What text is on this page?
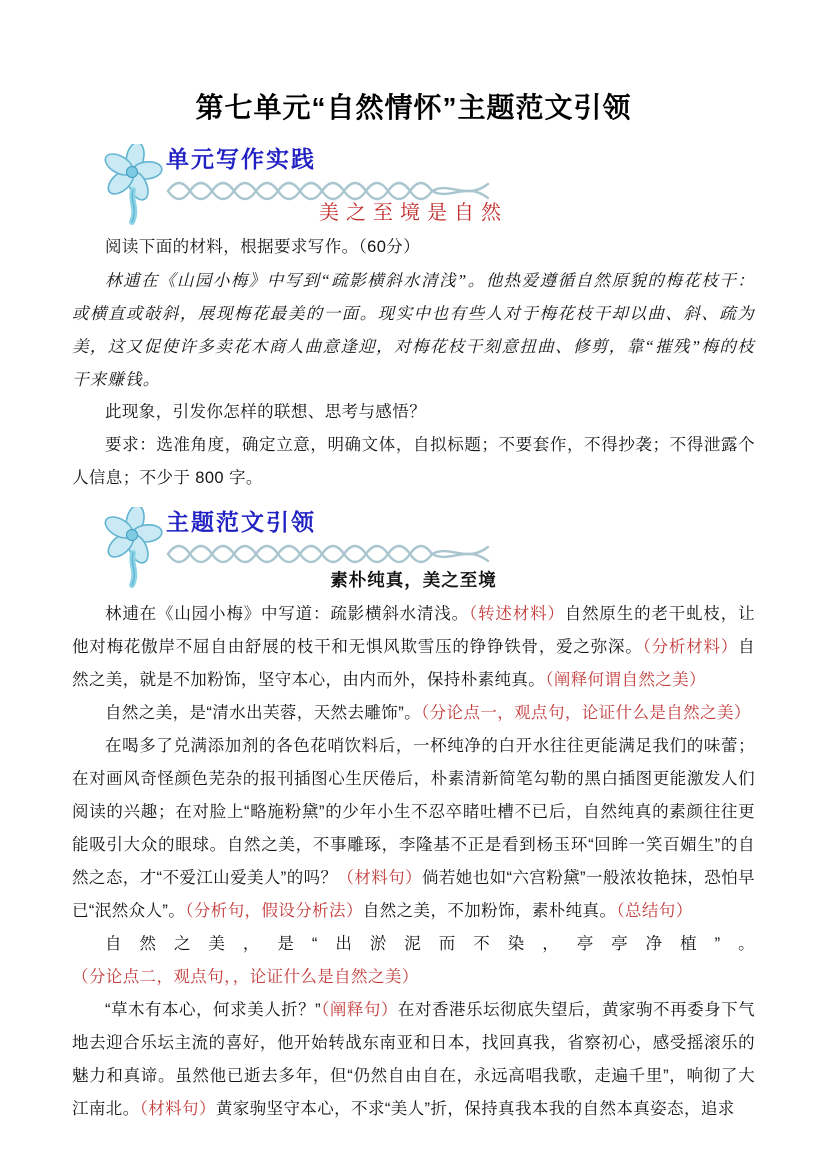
第七单元“自然情怀”主题范文引领
单元写作实践
美之至境是自然

阅读下面的材料，根据要求写作。（60分）

林逋在《山园小梅》中写到“疏影横斜水清浅”。他热爱遵循自然原貌的梅花枝干：或横直或敧斜，展现梅花最美的一面。现实中也有些人对于梅花枝干却以曲、斜、疏为美，这又促使许多卖花木商人曲意逢迎，对梅花枝干刻意扭曲、修剪，靠“摧残”梅的枝干来赚钱。

此现象，引发你怎样的联想、思考与感悟？

要求：选准角度，确定立意，明确文体，自拟标题；不要套作，不得抄袭；不得泄露个人信息；不少于 800 字。

主题范文引领
素朴纯真，美之至境

林逋在《山园小梅》中写道：疏影横斜水清浅。（转述材料）自然原生的老干虬枝，让他对梅花傲岸不屈自由舒展的枝干和无惧风欺雪压的铮铮铁骨，爱之弥深。（分析材料）自然之美，就是不加粉饰，坚守本心，由内而外，保持朴素纯真。（阐释何谓自然之美）

自然之美，是“清水出芙蓉，天然去雕饰”。（分论点一，观点句，论证什么是自然之美）

在喝多了兑满添加剂的各色花哨饮料后，一杯纯净的白开水往往更能满足我们的味蕾；在对画风奇怪颜色芜杂的报刊插图心生厌倦后，朴素清新简笔勾勒的黑白插图更能激发人们阅读的兴趣；在对脸上“略施粉黛”的少年小生不忍卒睹吐槽不已后，自然纯真的素颜往往更能吸引大众的眼球。自然之美，不事雕琢，李隆基不正是看到杨玉环“回眸一笑百媚生”的自然之态，才“不爱江山爱美人”的吗？（材料句）倘若她也如“六宫粉黛”一般浓妆艳抹，恐怕早已“泯然众人”。（分析句，假设分析法）自然之美，不加粉饰，素朴纯真。（总结句）

自然之美，是“出淤泥而不染，亭亭净植”。（分论点二，观点句，，论证什么是自然之美）

“草木有本心，何求美人折？”（阐释句）在对香港乐坛彻底失望后，黄家驹不再委身下气地去迎合乐坛主流的喜好，他开始转战东南亚和日本，找回真我，省察初心，感受摇滚乐的魅力和真谛。虽然他已逝去多年，但“仍然自由自在，永远高唱我歌，走遍千里”，响彻了大江南北。（材料句）黄家驹坚守本心，不求“美人”折，保持真我本我的自然本真姿态，追求
